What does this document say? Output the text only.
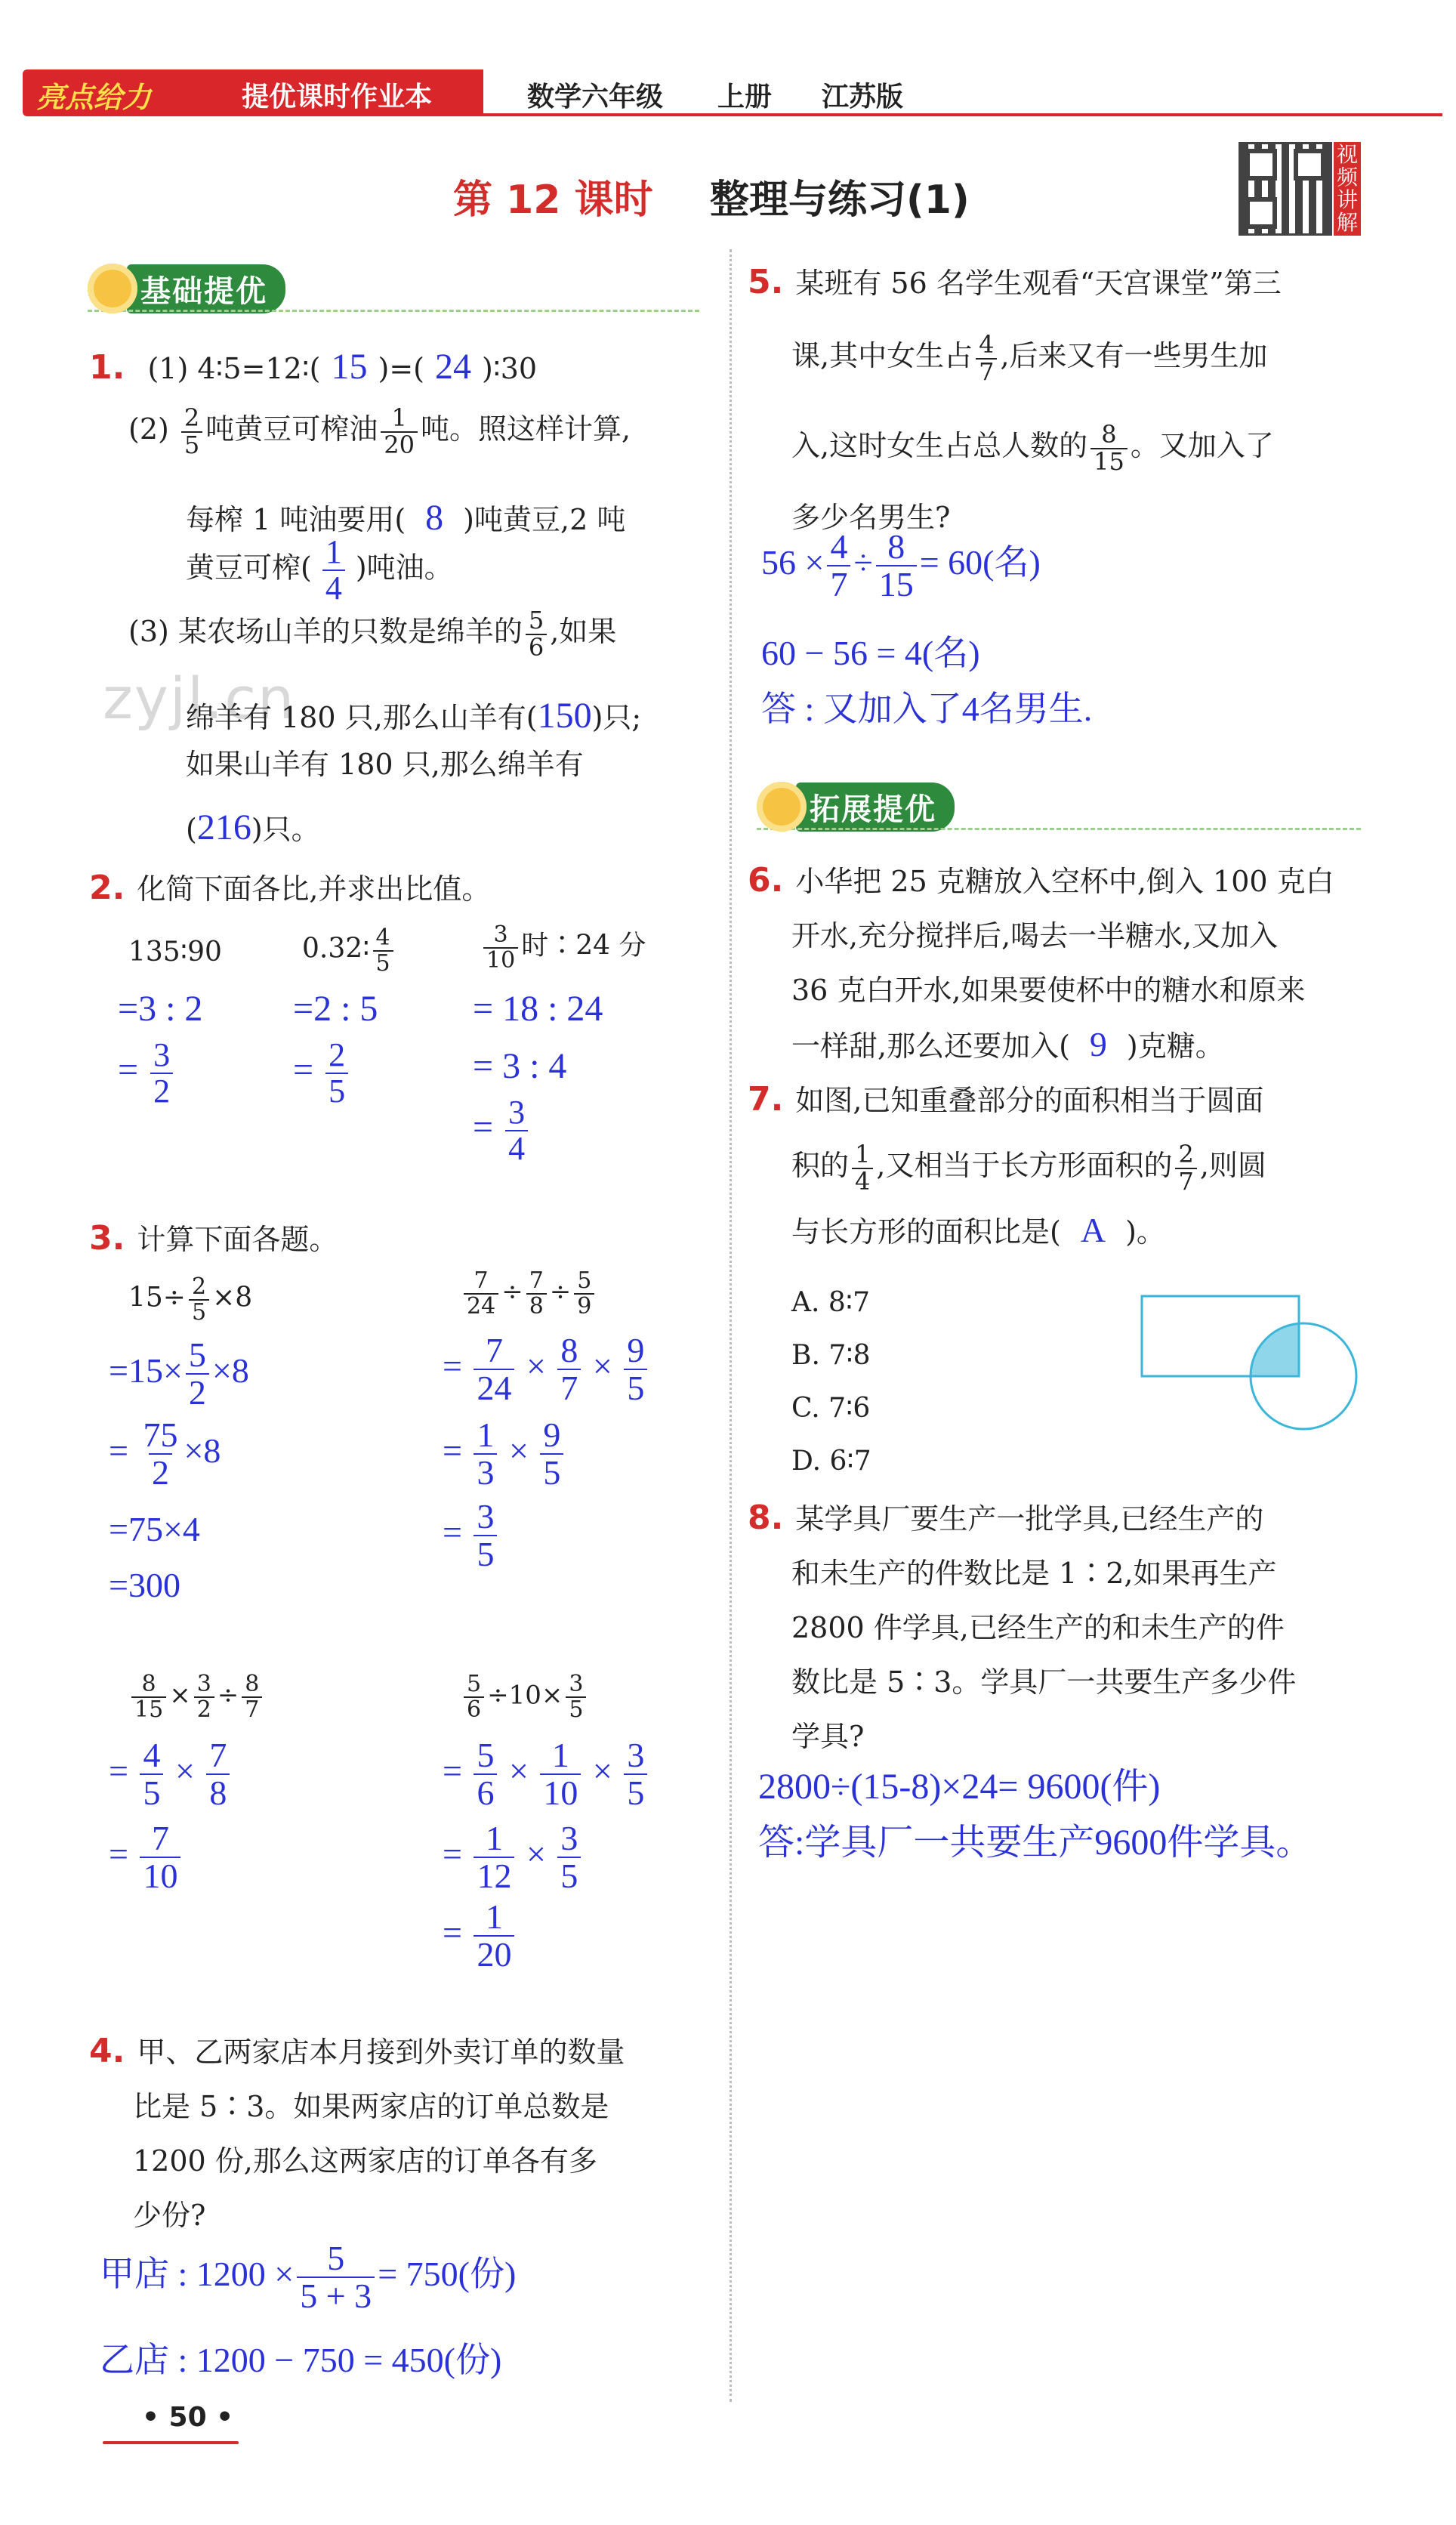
亮点给力	提优课时作业本	数学六年级 上册 江苏版
第 12 课时 整理与练习(1)
视频讲解
基础提优
zyjl.cn
1. (1) 4∶5=12∶( 15 )=( 24 )∶30
$(2) \frac{2}{5}$ 吨黄豆可榨油 $\frac{1}{20}$ 吨。照这样计算,
每榨 1 吨油要用( 8 )吨黄豆,2 吨
黄豆可榨( $\frac{1}{4}$ )吨油。
(3) 某农场山羊的只数是绵羊的 $\frac{5}{6}$ ,如果
绵羊有 180 只,那么山羊有(150)只;
如果山羊有 180 只,那么绵羊有
(216)只。
2. 化简下面各比,并求出比值。
135∶90
=3 : 2
= $\frac{3}{2}$
0.32∶ $\frac{4}{5}$
=2 : 5
= $\frac{2}{5}$
$\frac{3}{10}$ 时∶24 分
= 18 : 24
= 3 : 4
= $\frac{3}{4}$
3. 计算下面各题。
$15\div \frac{2}{5} \times 8$
$=15\times \frac{5}{2} \times 8$
= $\frac{75}{2} \times 8$
=75×4
=300
$\frac{7}{24} \div \frac{7}{8} \div \frac{5}{9}$
= $\frac{7}{24} \times \frac{8}{7} \times \frac{9}{5}$
= $\frac{1}{3} \times \frac{9}{5}$
= $\frac{3}{5}$
$\frac{8}{15} \times \frac{3}{2} \div \frac{8}{7}$
= $\frac{4}{5} \times \frac{7}{8}$
= $\frac{7}{10}$
$\frac{5}{6} \div 10\times \frac{3}{5}$
= $\frac{5}{6} \times \frac{1}{10} \times \frac{3}{5}$
= $\frac{1}{12} \times \frac{3}{5}$
= $\frac{1}{20}$
4. 甲、乙两家店本月接到外卖订单的数量
比是 5∶3。如果两家店的订单总数是
1200 份,那么这两家店的订单各有多
少份?
甲店 : $1200 \times \frac{5}{5 + 3} = 750$(份)
乙店 : 1200 − 750 = 450(份)
• 50 •
5. 某班有 56 名学生观看“天宫课堂”第三
课,其中女生占 $\frac{4}{7}$ ,后来又有一些男生加
入,这时女生占总人数的 $\frac{8}{15}$ 。又加入了
多少名男生?
$56 \times \frac{4}{7} \div \frac{8}{15} = 60$(名)
60 − 56 = 4(名)
答 : 又加入了4名男生.
拓展提优
6. 小华把 25 克糖放入空杯中,倒入 100 克白
开水,充分搅拌后,喝去一半糖水,又加入
36 克白开水,如果要使杯中的糖水和原来
一样甜,那么还要加入( 9 )克糖。
7. 如图,已知重叠部分的面积相当于圆面
积的 $\frac{1}{4}$ ,又相当于长方形面积的 $\frac{2}{7}$ ,则圆
与长方形的面积比是( A )。
A. 8∶7
B. 7∶8
C. 7∶6
D. 6∶7
8. 某学具厂要生产一批学具,已经生产的
和未生产的件数比是 1∶2,如果再生产
2800 件学具,已经生产的和未生产的件
数比是 5∶3。学具厂一共要生产多少件
学具?
2800÷(15-8)×24= 9600(件)
答:学具厂一共要生产9600件学具。
